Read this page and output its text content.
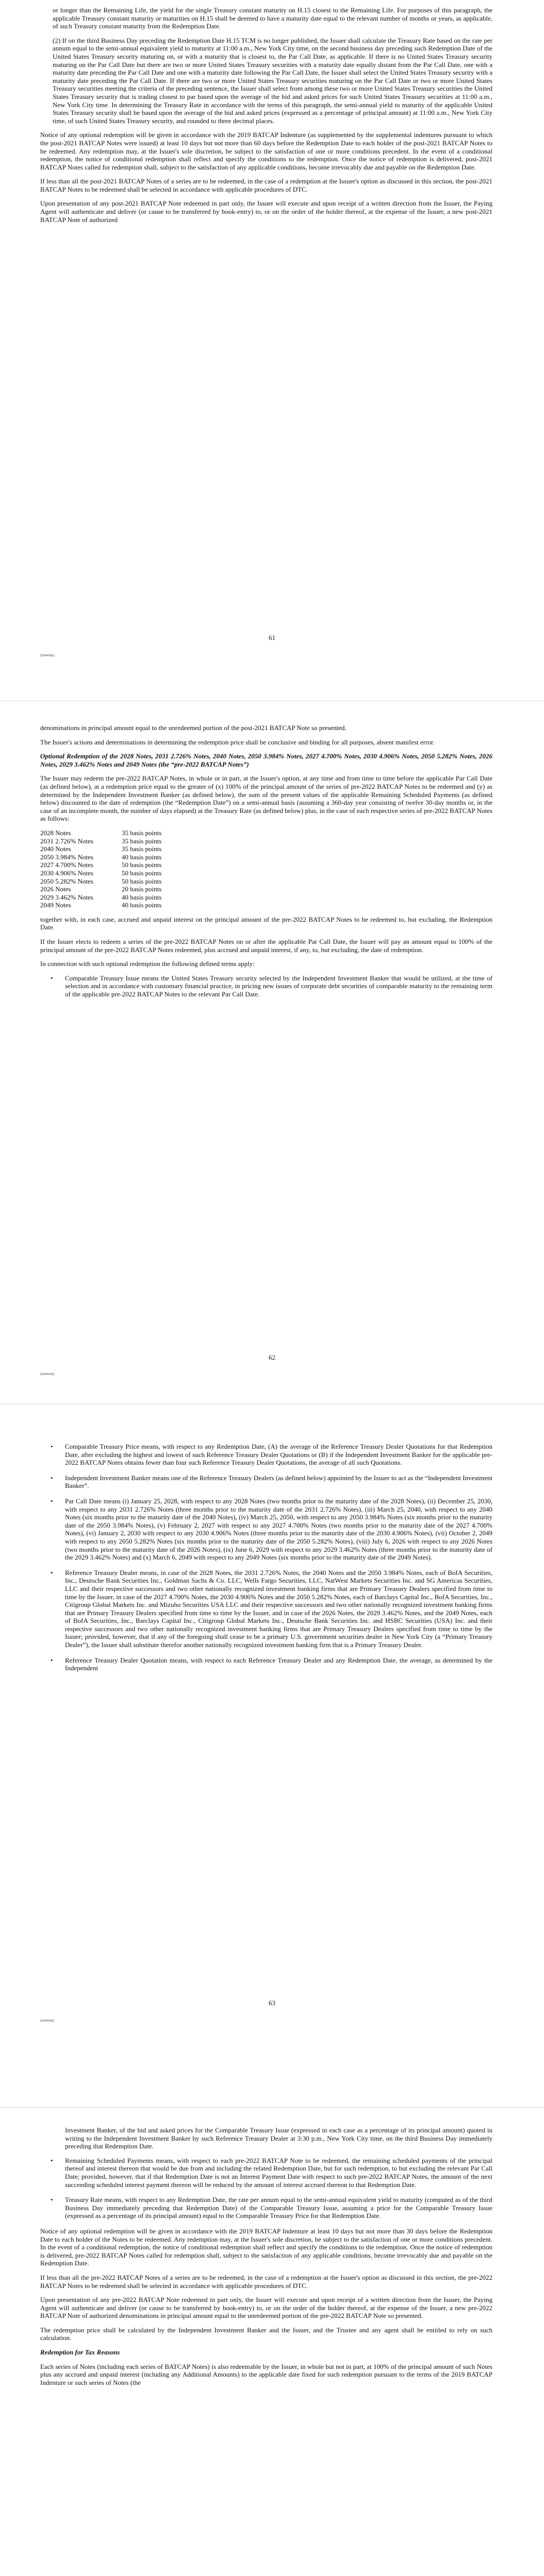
or longer than the Remaining Life, the yield for the single Treasury constant maturity on H.15 closest to the Remaining Life. For purposes of this paragraph, the applicable Treasury constant maturity or maturities on H.15 shall be deemed to have a maturity date equal to the relevant number of months or years, as applicable, of such Treasury constant maturity from the Redemption Date.

(2) If on the third Business Day preceding the Redemption Date H.15 TCM is no longer published, the Issuer shall calculate the Treasury Rate based on the rate per annum equal to the semi-annual equivalent yield to maturity at 11:00 a.m., New York City time, on the second business day preceding such Redemption Date of the United States Treasury security maturing on, or with a maturity that is closest to, the Par Call Date, as applicable. If there is no United States Treasury security maturing on the Par Call Date but there are two or more United States Treasury securities with a maturity date equally distant from the Par Call Date, one with a maturity date preceding the Par Call Date and one with a maturity date following the Par Call Date, the Issuer shall select the United States Treasury security with a maturity date preceding the Par Call Date. If there are two or more United States Treasury securities maturing on the Par Call Date or two or more United States Treasury securities meeting the criteria of the preceding sentence, the Issuer shall select from among these two or more United States Treasury securities the United States Treasury security that is trading closest to par based upon the average of the bid and asked prices for such United States Treasury securities at 11:00 a.m., New York City time. In determining the Treasury Rate in accordance with the terms of this paragraph, the semi-annual yield to maturity of the applicable United States Treasury security shall be based upon the average of the bid and asked prices (expressed as a percentage of principal amount) at 11:00 a.m., New York City time, of such United States Treasury security, and rounded to three decimal places.

Notice of any optional redemption will be given in accordance with the 2019 BATCAP Indenture (as supplemented by the supplemental indentures pursuant to which the post-2021 BATCAP Notes were issued) at least 10 days but not more than 60 days before the Redemption Date to each holder of the post-2021 BATCAP Notes to be redeemed. Any redemption may, at the Issuer's sole discretion, be subject to the satisfaction of one or more conditions precedent. In the event of a conditional redemption, the notice of conditional redemption shall reflect and specify the conditions to the redemption. Once the notice of redemption is delivered, post-2021 BATCAP Notes called for redemption shall, subject to the satisfaction of any applicable conditions, become irrevocably due and payable on the Redemption Date.

If less than all the post-2021 BATCAP Notes of a series are to be redeemed, in the case of a redemption at the Issuer's option as discussed in this section, the post-2021 BATCAP Notes to be redeemed shall be selected in accordance with applicable procedures of DTC.

Upon presentation of any post-2021 BATCAP Note redeemed in part only, the Issuer will execute and upon receipt of a written direction from the Issuer, the Paying Agent will authenticate and deliver (or cause to be transferred by book-entry) to, or on the order of the holder thereof, at the expense of the Issuer, a new post-2021 BATCAP Note of authorized

61
[DN#9582]

denominations in principal amount equal to the unredeemed portion of the post-2021 BATCAP Note so presented.

The Issuer's actions and determinations in determining the redemption price shall be conclusive and binding for all purposes, absent manifest error.

Optional Redemption of the 2028 Notes, 2031 2.726% Notes, 2040 Notes, 2050 3.984% Notes, 2027 4.700% Notes, 2030 4.906% Notes, 2050 5.282% Notes, 2026 Notes, 2029 3.462% Notes and 2049 Notes (the “pre-2022 BATCAP Notes”)

The Issuer may redeem the pre-2022 BATCAP Notes, in whole or in part, at the Issuer's option, at any time and from time to time before the applicable Par Call Date (as defined below), at a redemption price equal to the greater of (x) 100% of the principal amount of the series of pre-2022 BATCAP Notes to be redeemed and (y) as determined by the Independent Investment Banker (as defined below), the sum of the present values of the applicable Remaining Scheduled Payments (as defined below) discounted to the date of redemption (the “Redemption Date”) on a semi-annual basis (assuming a 360-day year consisting of twelve 30-day months or, in the case of an incomplete month, the number of days elapsed) at the Treasury Rate (as defined below) plus, in the case of each respective series of pre-2022 BATCAP Notes as follows:

2028 Notes	35 basis points
2031 2.726% Notes	35 basis points
2040 Notes	35 basis points
2050 3.984% Notes	40 basis points
2027 4.700% Notes	50 basis points
2030 4.906% Notes	50 basis points
2050 5.282% Notes	50 basis points
2026 Notes	20 basis points
2029 3.462% Notes	40 basis points
2049 Notes	40 basis points

together with, in each case, accrued and unpaid interest on the principal amount of the pre-2022 BATCAP Notes to be redeemed to, but excluding, the Redemption Date.

If the Issuer elects to redeem a series of the pre-2022 BATCAP Notes on or after the applicable Par Call Date, the Issuer will pay an amount equal to 100% of the principal amount of the pre-2022 BATCAP Notes redeemed, plus accrued and unpaid interest, if any, to, but excluding, the date of redemption.

In connection with such optional redemption the following defined terms apply:

• Comparable Treasury Issue means the United States Treasury security selected by the Independent Investment Banker that would be utilized, at the time of selection and in accordance with customary financial practice, in pricing new issues of corporate debt securities of comparable maturity to the remaining term of the applicable pre-2022 BATCAP Notes to the relevant Par Call Date.
62
[DN#9582]
• Comparable Treasury Price means, with respect to any Redemption Date, (A) the average of the Reference Treasury Dealer Quotations for that Redemption Date, after excluding the highest and lowest of such Reference Treasury Dealer Quotations or (B) if the Independent Investment Banker for the applicable pre-2022 BATCAP Notes obtains fewer than four such Reference Treasury Dealer Quotations, the average of all such Quotations.
• Independent Investment Banker means one of the Reference Treasury Dealers (as defined below) appointed by the Issuer to act as the “Independent Investment Banker”.
• Par Call Date means (i) January 25, 2028, with respect to any 2028 Notes (two months prior to the maturity date of the 2028 Notes), (ii) December 25, 2030, with respect to any 2031 2.726% Notes (three months prior to the maturity date of the 2031 2.726% Notes), (iii) March 25, 2040, with respect to any 2040 Notes (six months prior to the maturity date of the 2040 Notes), (iv) March 25, 2050, with respect to any 2050 3.984% Notes (six months prior to the maturity date of the 2050 3.984% Notes), (v) February 2, 2027 with respect to any 2027 4.700% Notes (two months prior to the maturity date of the 2027 4.700% Notes), (vi) January 2, 2030 with respect to any 2030 4.906% Notes (three months prior to the maturity date of the 2030 4.906% Notes), (vii) October 2, 2049 with respect to any 2050 5.282% Notes (six months prior to the maturity date of the 2050 5.282% Notes), (viii) July 6, 2026 with respect to any 2026 Notes (two months prior to the maturity date of the 2026 Notes), (ix) June 6, 2029 with respect to any 2029 3.462% Notes (three months prior to the maturity date of the 2029 3.462% Notes) and (x) March 6, 2049 with respect to any 2049 Notes (six months prior to the maturity date of the 2049 Notes).
• Reference Treasury Dealer means, in case of the 2028 Notes, the 2031 2.726% Notes, the 2040 Notes and the 2050 3.984% Notes, each of BofA Securities, Inc., Deutsche Bank Securities Inc., Goldman Sachs & Co. LLC, Wells Fargo Securities, LLC, NatWest Markets Securities Inc. and SG Americas Securities, LLC and their respective successors and two other nationally recognized investment banking firms that are Primary Treasury Dealers specified from time to time by the Issuer, in case of the 2027 4.700% Notes, the 2030 4.906% Notes and the 2050 5.282% Notes, each of Barclays Capital Inc., BofA Securities, Inc., Citigroup Global Markets Inc. and Mizuho Securities USA LLC and their respective successors and two other nationally recognized investment banking firms that are Primary Treasury Dealers specified from time to time by the Issuer, and in case of the 2026 Notes, the 2029 3.462% Notes, and the 2049 Notes, each of BofA Securities, Inc., Barclays Capital Inc., Citigroup Global Markets Inc., Deutsche Bank Securities Inc. and HSBC Securities (USA) Inc. and their respective successors and two other nationally recognized investment banking firms that are Primary Treasury Dealers specified from time to time by the Issuer; provided, however, that if any of the foregoing shall cease to be a primary U.S. government securities dealer in New York City (a “Primary Treasury Dealer”), the Issuer shall substitute therefor another nationally recognized investment banking firm that is a Primary Treasury Dealer.
• Reference Treasury Dealer Quotation means, with respect to each Reference Treasury Dealer and any Redemption Date, the average, as determined by the Independent
63
[DN#9582]

Investment Banker, of the bid and asked prices for the Comparable Treasury Issue (expressed in each case as a percentage of its principal amount) quoted in writing to the Independent Investment Banker by such Reference Treasury Dealer at 3:30 p.m., New York City time, on the third Business Day immediately preceding that Redemption Date.

• Remaining Scheduled Payments means, with respect to each pre-2022 BATCAP Note to be redeemed, the remaining scheduled payments of the principal thereof and interest thereon that would be due from and including the related Redemption Date, but for such redemption, to but excluding the relevant Par Call Date; provided, however, that if that Redemption Date is not an Interest Payment Date with respect to such pre-2022 BATCAP Notes, the amount of the next succeeding scheduled interest payment thereon will be reduced by the amount of interest accrued thereon to that Redemption Date.
• Treasury Rate means, with respect to any Redemption Date, the rate per annum equal to the semi-annual equivalent yield to maturity (computed as of the third Business Day immediately preceding that Redemption Date) of the Comparable Treasury Issue, assuming a price for the Comparable Treasury Issue (expressed as a percentage of its principal amount) equal to the Comparable Treasury Price for that Redemption Date.

Notice of any optional redemption will be given in accordance with the 2019 BATCAP Indenture at least 10 days but not more than 30 days before the Redemption Date to each holder of the Notes to be redeemed. Any redemption may, at the Issuer's sole discretion, be subject to the satisfaction of one or more conditions precedent. In the event of a conditional redemption, the notice of conditional redemption shall reflect and specify the conditions to the redemption. Once the notice of redemption is delivered, pre-2022 BATCAP Notes called for redemption shall, subject to the satisfaction of any applicable conditions, become irrevocably due and payable on the Redemption Date.

If less than all the pre-2022 BATCAP Notes of a series are to be redeemed, in the case of a redemption at the Issuer's option as discussed in this section, the pre-2022 BATCAP Notes to be redeemed shall be selected in accordance with applicable procedures of DTC.

Upon presentation of any pre-2022 BATCAP Note redeemed in part only, the Issuer will execute and upon receipt of a written direction from the Issuer, the Paying Agent will authenticate and deliver (or cause to be transferred by book-entry) to, or on the order of the holder thereof, at the expense of the Issuer, a new pre-2022 BATCAP Note of authorized denominations in principal amount equal to the unredeemed portion of the pre-2022 BATCAP Note so presented.

The redemption price shall be calculated by the Independent Investment Banker and the Issuer, and the Trustee and any agent shall be entitled to rely on such calculation.

Redemption for Tax Reasons

Each series of Notes (including each series of BATCAP Notes) is also redeemable by the Issuer, in whole but not in part, at 100% of the principal amount of such Notes plus any accrued and unpaid interest (including any Additional Amounts) to the applicable date fixed for such redemption pursuant to the terms of the 2019 BATCAP Indenture or such series of Notes (the
